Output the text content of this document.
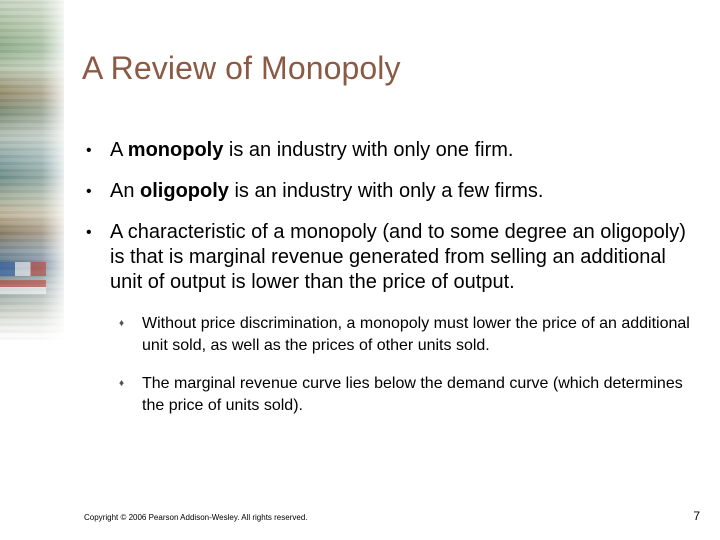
A Review of Monopoly
• A monopoly is an industry with only one firm.
• An oligopoly is an industry with only a few firms.
• A characteristic of a monopoly (and to some degree an oligopoly) is that is marginal revenue generated from selling an additional unit of output is lower than the price of output.
♦ Without price discrimination, a monopoly must lower the price of an additional unit sold, as well as the prices of other units sold.
♦ The marginal revenue curve lies below the demand curve (which determines the price of units sold).
Copyright © 2006 Pearson Addison-Wesley. All rights reserved.	7
